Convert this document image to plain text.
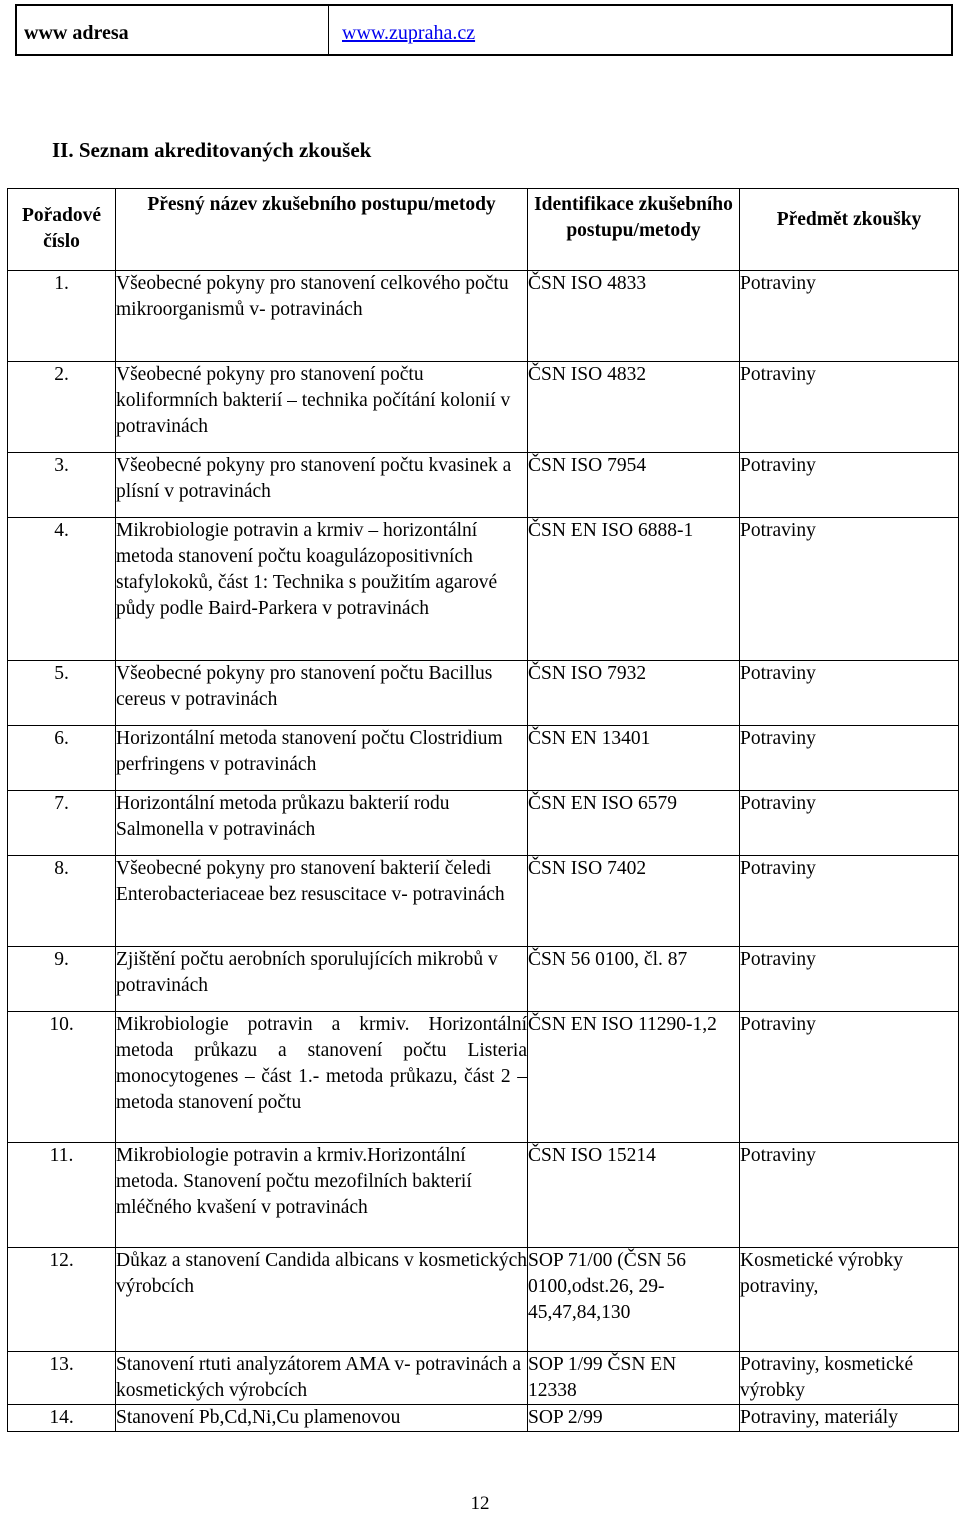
www adresa	www.zupraha.cz
II. Seznam akreditovaných zkoušek
Pořadové číslo	Přesný název zkušebního postupu/metody	Identifikace zkušebního postupu/metody	Předmět zkoušky
1.	Všeobecné pokyny pro stanovení celkového počtu mikroorganismů v- potravinách	ČSN ISO 4833	Potraviny
2.	Všeobecné pokyny pro stanovení počtu koliformních bakterií – technika počítání kolonií v potravinách	ČSN ISO 4832	Potraviny
3.	Všeobecné pokyny pro stanovení počtu kvasinek a plísní v potravinách	ČSN ISO 7954	Potraviny
4.	Mikrobiologie potravin a krmiv – horizontální metoda stanovení počtu koagulázopositivních stafylokoků, část 1: Technika s použitím agarové půdy podle Baird-Parkera v potravinách	ČSN EN ISO 6888-1	Potraviny
5.	Všeobecné pokyny pro stanovení počtu Bacillus cereus v potravinách	ČSN ISO 7932	Potraviny
6.	Horizontální metoda stanovení počtu Clostridium perfringens v potravinách	ČSN EN 13401	Potraviny
7.	Horizontální metoda průkazu bakterií rodu Salmonella v potravinách	ČSN EN ISO 6579	Potraviny
8.	Všeobecné pokyny pro stanovení bakterií čeledi Enterobacteriaceae bez resuscitace v- potravinách	ČSN ISO 7402	Potraviny
9.	Zjištění počtu aerobních sporulujících mikrobů v potravinách	ČSN 56 0100, čl. 87	Potraviny
10.	Mikrobiologie potravin a krmiv. Horizontální metoda průkazu a stanovení počtu Listeria monocytogenes – část 1.- metoda průkazu, část 2 – metoda stanovení počtu	ČSN EN ISO 11290-1,2	Potraviny
11.	Mikrobiologie potravin a krmiv.Horizontální metoda. Stanovení počtu mezofilních bakterií mléčného kvašení v potravinách	ČSN ISO 15214	Potraviny
12.	Důkaz a stanovení Candida albicans v kosmetických výrobcích	SOP 71/00 (ČSN 56 0100,odst.26, 29-45,47,84,130	Kosmetické výrobky potraviny,
13.	Stanovení rtuti analyzátorem AMA v- potravinách a kosmetických výrobcích	SOP 1/99 ČSN EN 12338	Potraviny, kosmetické výrobky
14.	Stanovení Pb,Cd,Ni,Cu plamenovou	SOP 2/99	Potraviny, materiály
12
